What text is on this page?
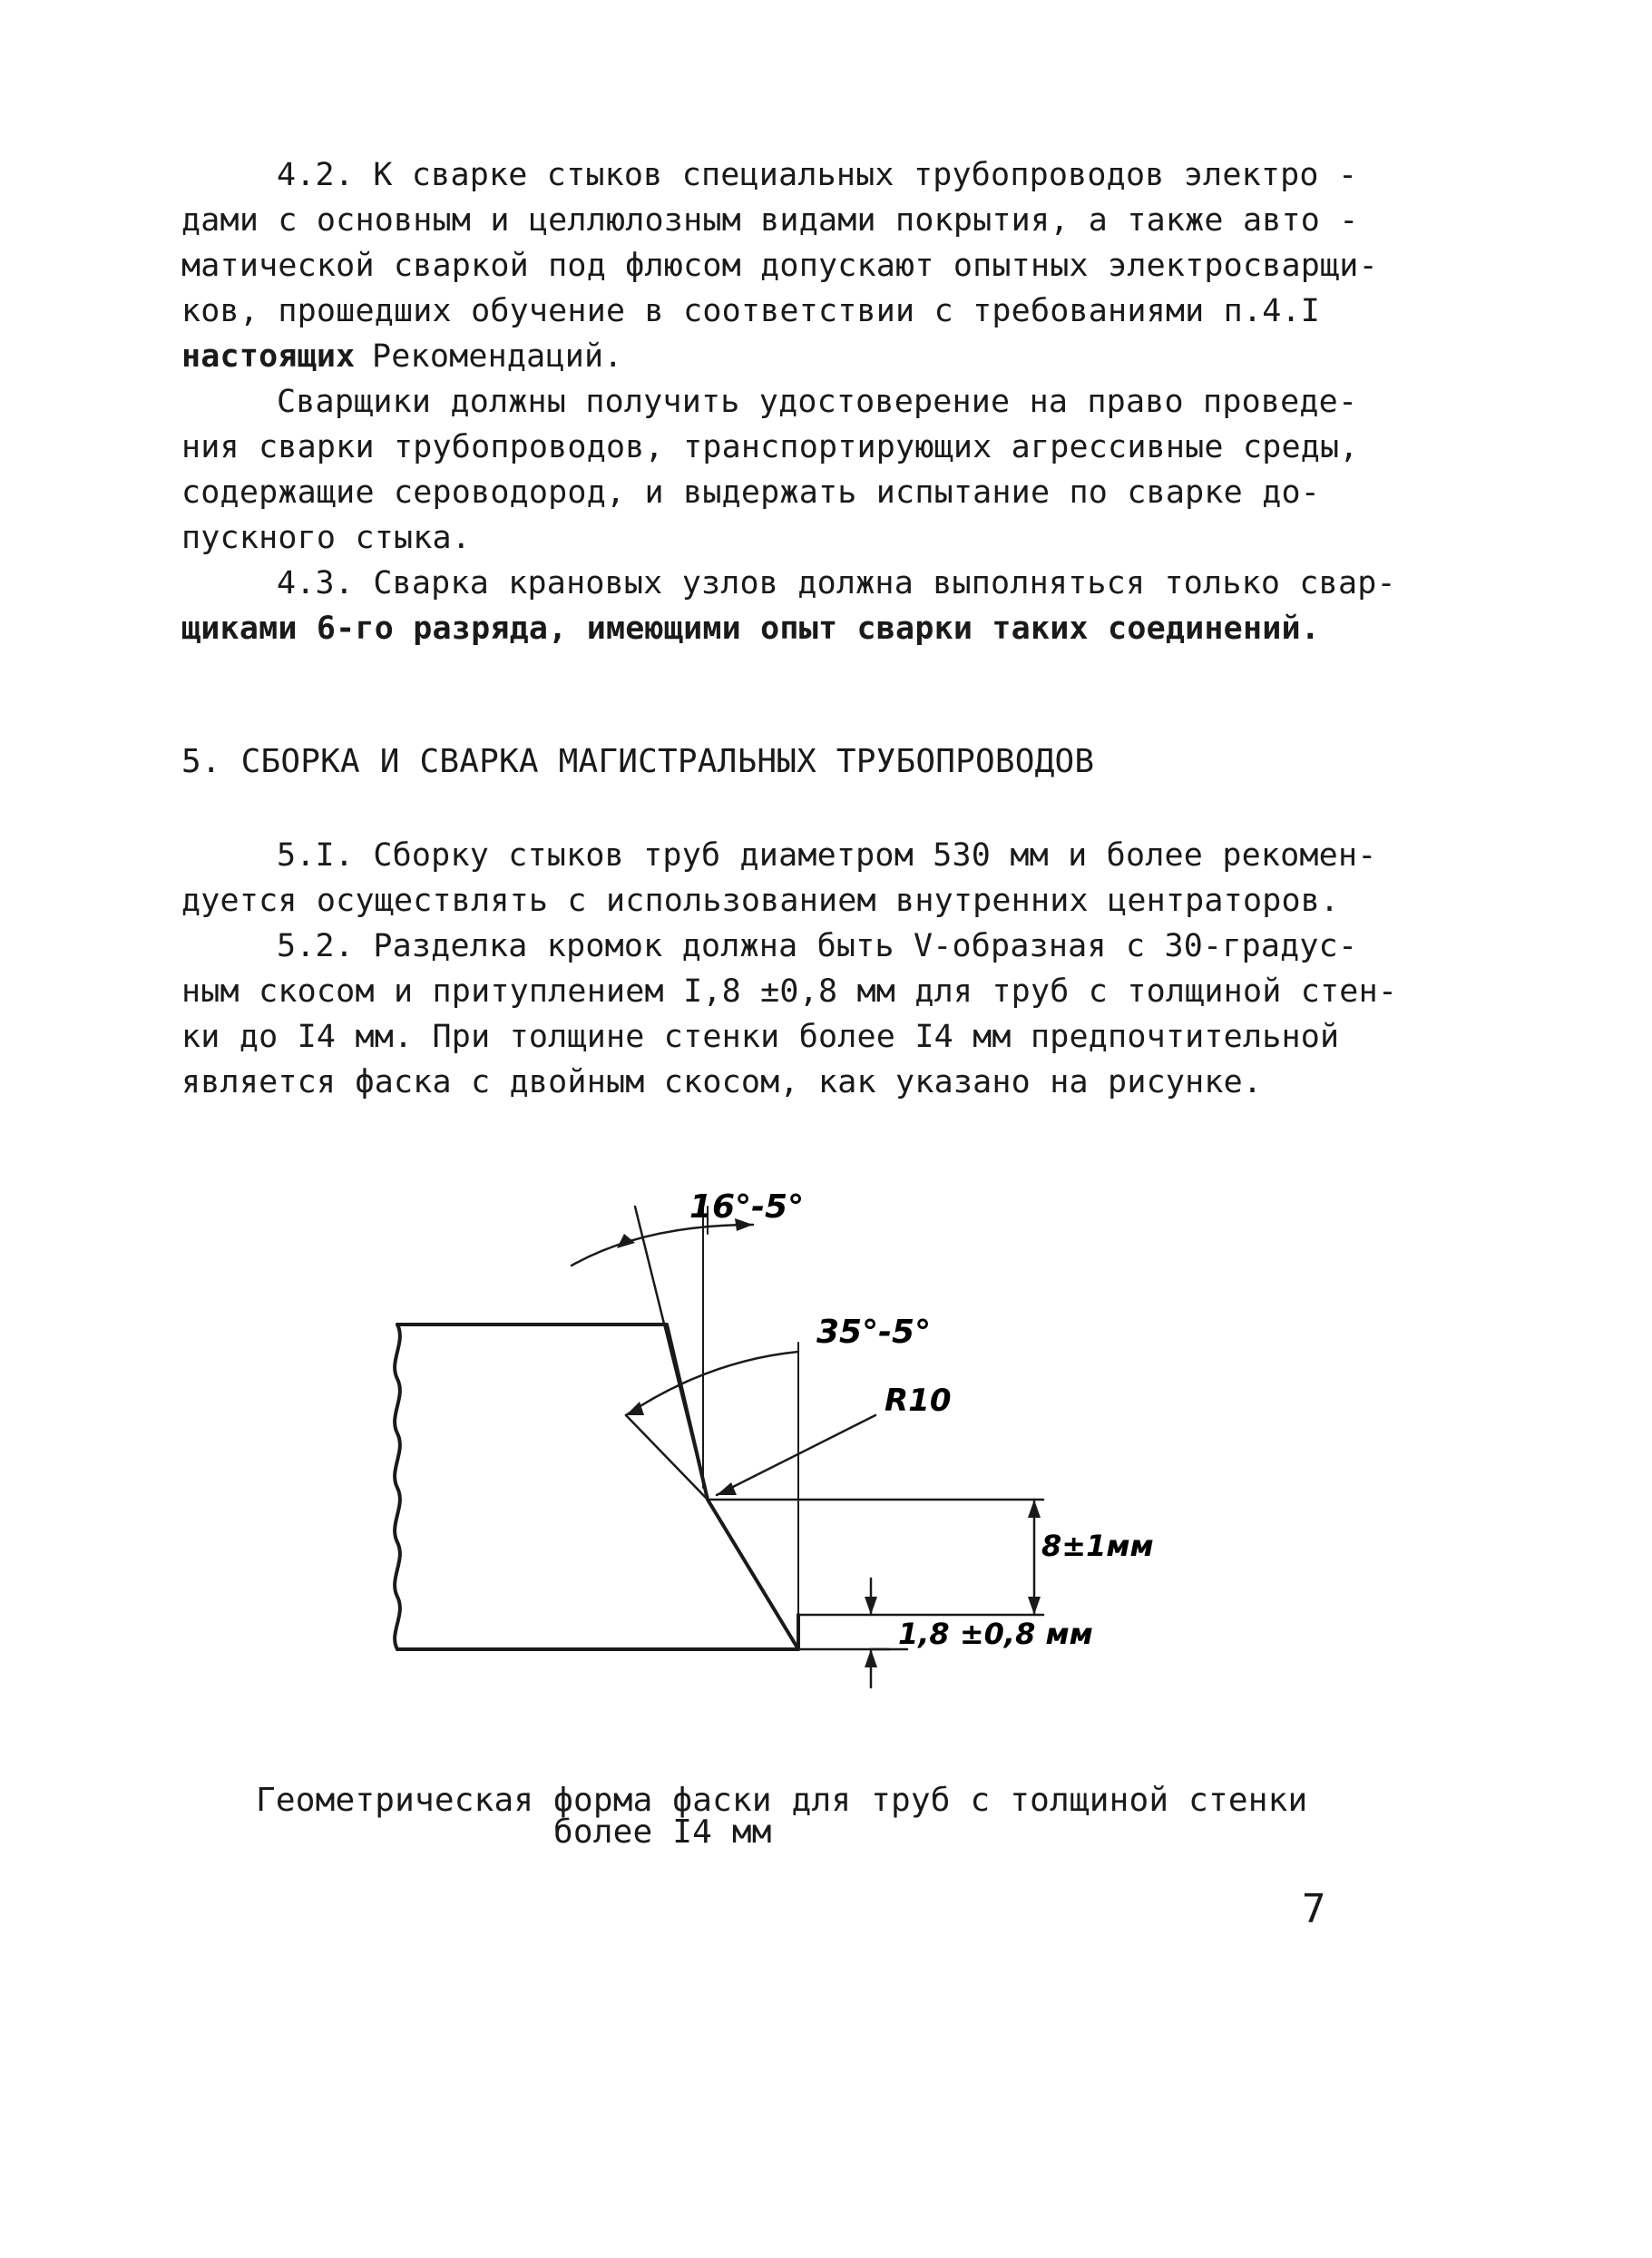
4.2. К сварке стыков специальных трубопроводов электро -
дами с основным и целлюлозным видами покрытия, а также авто -
матической сваркой под флюсом допускают опытных электросварщи-
ков, прошедших обучение в соответствии с требованиями п.4.I
настоящих Рекомендаций.
Сварщики должны получить удостоверение на право проведе-
ния сварки трубопроводов, транспортирующих агрессивные среды,
содержащие сероводород, и выдержать испытание по сварке до-
пускного стыка.
4.3. Сварка крановых узлов должна выполняться только свар-
щиками 6-го разряда, имеющими опыт сварки таких соединений.
5. СБОРКА И СВАРКА МАГИСТРАЛЬНЫХ ТРУБОПРОВОДОВ
5.I. Сборку стыков труб диаметром 530 мм и более рекомен-
дуется осуществлять с использованием внутренних центраторов.
5.2. Разделка кромок должна быть V-образная с 30-градус-
ным скосом и притуплением I,8 ±0,8 мм для труб с толщиной стен-
ки до I4 мм. При толщине стенки более I4 мм предпочтительной
является фаска с двойным скосом, как указано на рисунке.
16°-5°
35°-5°
R10
8±1мм
1,8 ±0,8 мм
Геометрическая форма фаски для труб с толщиной стенки
более I4 мм
7
